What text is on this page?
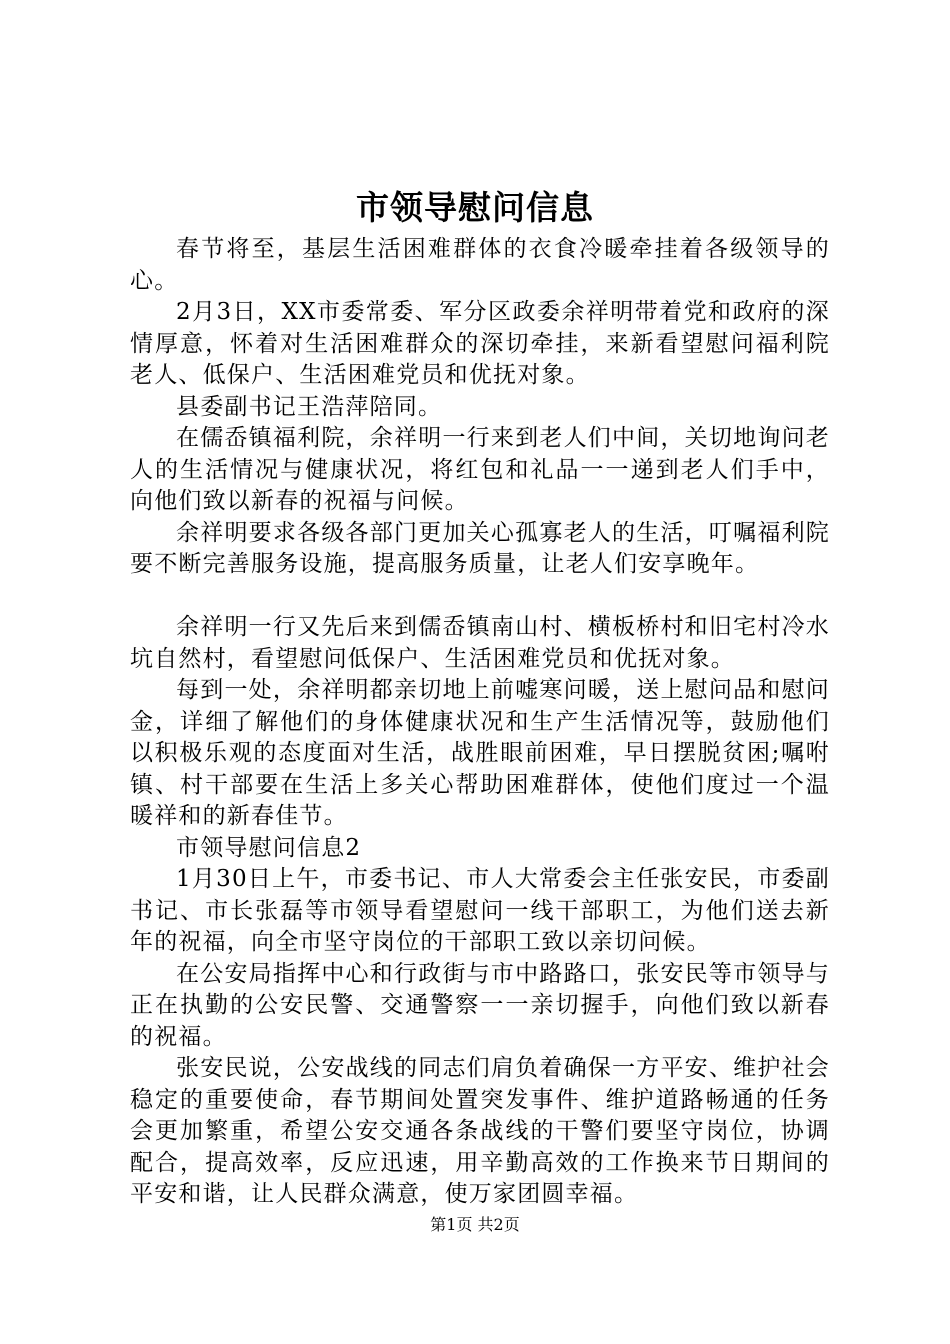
市领导慰问信息

春节将至，基层生活困难群体的衣食冷暖牵挂着各级领导的心。

2月3日，XX市委常委、军分区政委余祥明带着党和政府的深情厚意，怀着对生活困难群众的深切牵挂，来新看望慰问福利院老人、低保户、生活困难党员和优抚对象。

县委副书记王浩萍陪同。

在儒岙镇福利院，余祥明一行来到老人们中间，关切地询问老人的生活情况与健康状况，将红包和礼品一一递到老人们手中，向他们致以新春的祝福与问候。

余祥明要求各级各部门更加关心孤寡老人的生活，叮嘱福利院要不断完善服务设施，提高服务质量，让老人们安享晚年。

余祥明一行又先后来到儒岙镇南山村、横板桥村和旧宅村冷水坑自然村，看望慰问低保户、生活困难党员和优抚对象。

每到一处，余祥明都亲切地上前嘘寒问暖，送上慰问品和慰问金，详细了解他们的身体健康状况和生产生活情况等，鼓励他们以积极乐观的态度面对生活，战胜眼前困难，早日摆脱贫困;嘱咐镇、村干部要在生活上多关心帮助困难群体，使他们度过一个温暖祥和的新春佳节。

市领导慰问信息2

1月30日上午，市委书记、市人大常委会主任张安民，市委副书记、市长张磊等市领导看望慰问一线干部职工，为他们送去新年的祝福，向全市坚守岗位的干部职工致以亲切问候。

在公安局指挥中心和行政街与市中路路口，张安民等市领导与正在执勤的公安民警、交通警察一一亲切握手，向他们致以新春的祝福。

张安民说，公安战线的同志们肩负着确保一方平安、维护社会稳定的重要使命，春节期间处置突发事件、维护道路畅通的任务会更加繁重，希望公安交通各条战线的干警们要坚守岗位，协调配合，提高效率，反应迅速，用辛勤高效的工作换来节日期间的平安和谐，让人民群众满意，使万家团圆幸福。

第1页 共2页
